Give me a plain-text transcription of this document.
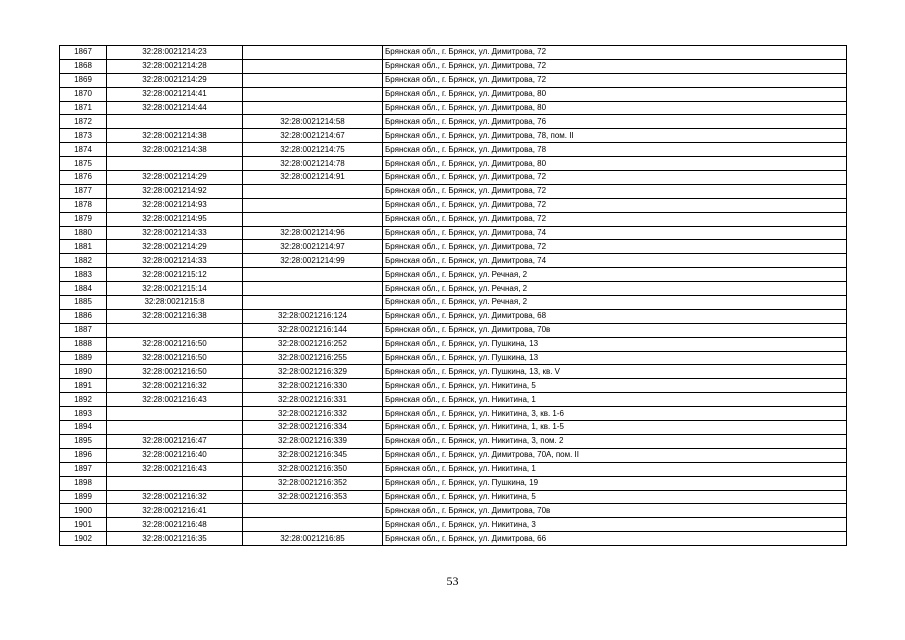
1867	32:28:0021214:23		Брянская обл., г. Брянск, ул. Димитрова, 72
1868	32:28:0021214:28		Брянская обл., г. Брянск, ул. Димитрова, 72
1869	32:28:0021214:29		Брянская обл., г. Брянск, ул. Димитрова, 72
1870	32:28:0021214:41		Брянская обл., г. Брянск, ул. Димитрова, 80
1871	32:28:0021214:44		Брянская обл., г. Брянск, ул. Димитрова, 80
1872		32:28:0021214:58	Брянская обл., г. Брянск, ул. Димитрова, 76
1873	32:28:0021214:38	32:28:0021214:67	Брянская обл., г. Брянск, ул. Димитрова, 78, пом. II
1874	32:28:0021214:38	32:28:0021214:75	Брянская обл., г. Брянск, ул. Димитрова, 78
1875		32:28:0021214:78	Брянская обл., г. Брянск, ул. Димитрова, 80
1876	32:28:0021214:29	32:28:0021214:91	Брянская обл., г. Брянск, ул. Димитрова, 72
1877	32:28:0021214:92		Брянская обл., г. Брянск, ул. Димитрова, 72
1878	32:28:0021214:93		Брянская обл., г. Брянск, ул. Димитрова, 72
1879	32:28:0021214:95		Брянская обл., г. Брянск, ул. Димитрова, 72
1880	32:28:0021214:33	32:28:0021214:96	Брянская обл., г. Брянск, ул. Димитрова, 74
1881	32:28:0021214:29	32:28:0021214:97	Брянская обл., г. Брянск, ул. Димитрова, 72
1882	32:28:0021214:33	32:28:0021214:99	Брянская обл., г. Брянск, ул. Димитрова, 74
1883	32:28:0021215:12		Брянская обл., г. Брянск, ул. Речная, 2
1884	32:28:0021215:14		Брянская обл., г. Брянск, ул. Речная, 2
1885	32:28:0021215:8		Брянская обл., г. Брянск, ул. Речная, 2
1886	32:28:0021216:38	32:28:0021216:124	Брянская обл., г. Брянск, ул. Димитрова, 68
1887		32:28:0021216:144	Брянская обл., г. Брянск, ул. Димитрова, 70в
1888	32:28:0021216:50	32:28:0021216:252	Брянская обл., г. Брянск, ул. Пушкина, 13
1889	32:28:0021216:50	32:28:0021216:255	Брянская обл., г. Брянск, ул. Пушкина, 13
1890	32:28:0021216:50	32:28:0021216:329	Брянская обл., г. Брянск, ул. Пушкина, 13, кв. V
1891	32:28:0021216:32	32:28:0021216:330	Брянская обл., г. Брянск, ул. Никитина, 5
1892	32:28:0021216:43	32:28:0021216:331	Брянская обл., г. Брянск, ул. Никитина, 1
1893		32:28:0021216:332	Брянская обл., г. Брянск, ул. Никитина, 3, кв. 1-6
1894		32:28:0021216:334	Брянская обл., г. Брянск, ул. Никитина, 1, кв. 1-5
1895	32:28:0021216:47	32:28:0021216:339	Брянская обл., г. Брянск, ул. Никитина, 3, пом. 2
1896	32:28:0021216:40	32:28:0021216:345	Брянская обл., г. Брянск, ул. Димитрова, 70А, пом. II
1897	32:28:0021216:43	32:28:0021216:350	Брянская обл., г. Брянск, ул. Никитина, 1
1898		32:28:0021216:352	Брянская обл., г. Брянск, ул. Пушкина, 19
1899	32:28:0021216:32	32:28:0021216:353	Брянская обл., г. Брянск, ул. Никитина, 5
1900	32:28:0021216:41		Брянская обл., г. Брянск, ул. Димитрова, 70в
1901	32:28:0021216:48		Брянская обл., г. Брянск, ул. Никитина, 3
1902	32:28:0021216:35	32:28:0021216:85	Брянская обл., г. Брянск, ул. Димитрова, 66
53
